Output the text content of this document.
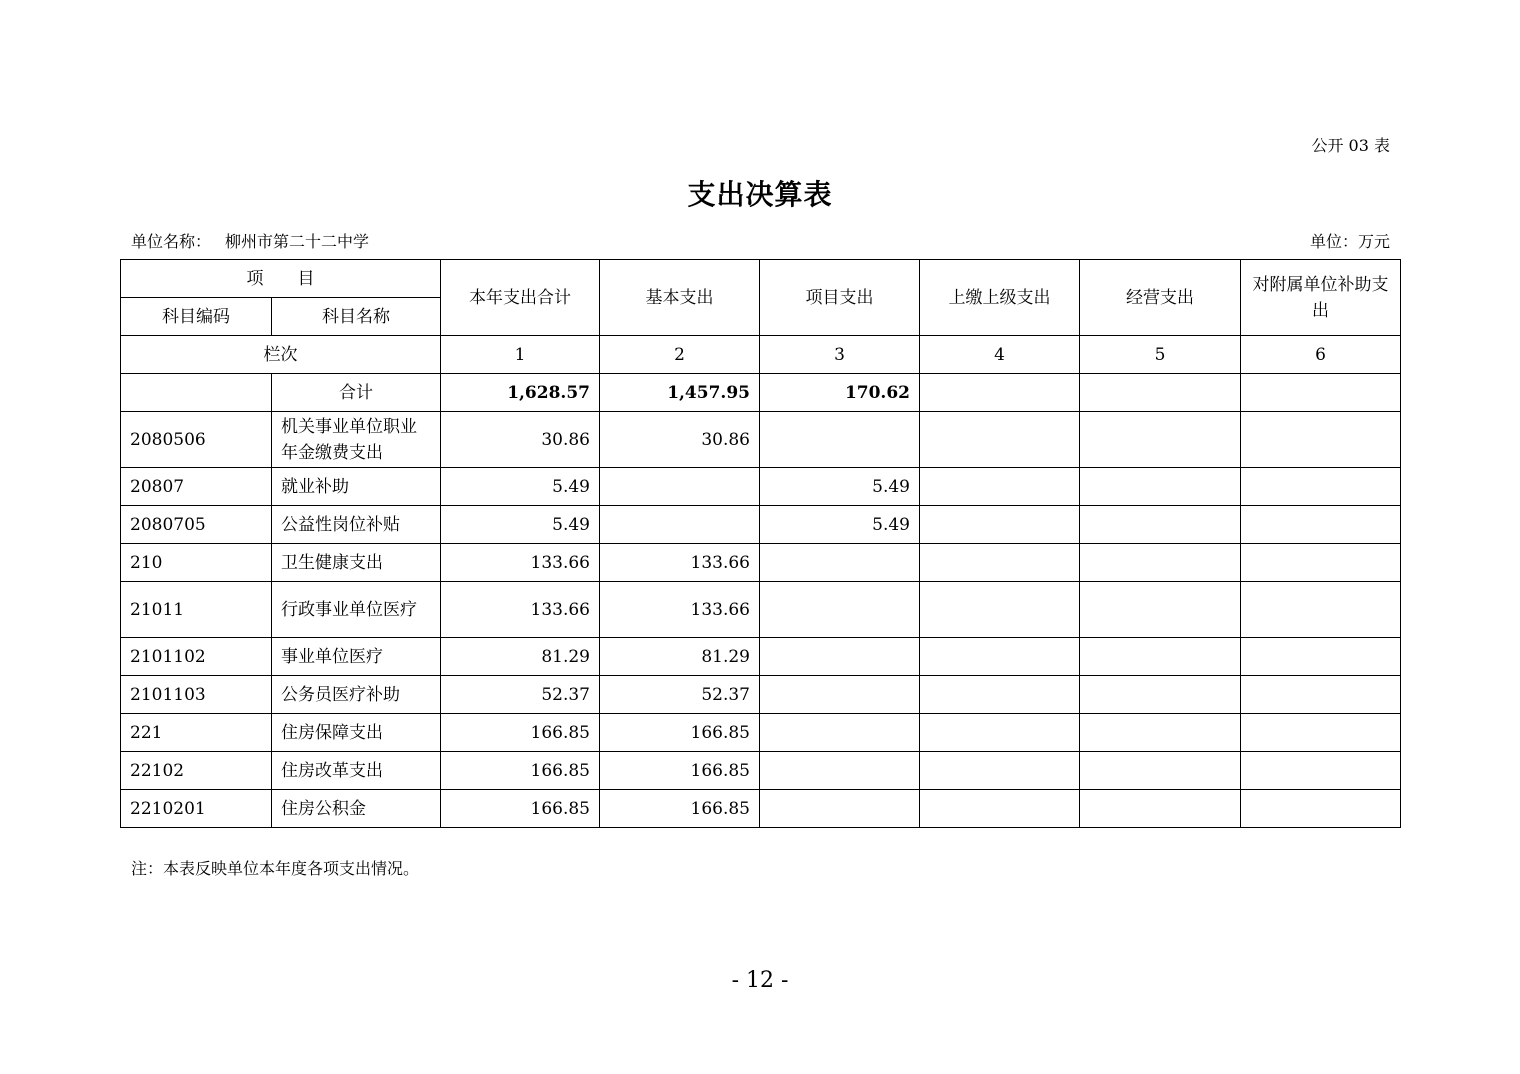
公开 03 表
支出决算表
单位名称： 柳州市第二十二中学	单位：万元
项　　目		本年支出合计	基本支出	项目支出	上缴上级支出	经营支出	对附属单位补助支出
科目编码	科目名称						
栏次		1	2	3	4	5	6
	合计	1,628.57	1,457.95	170.62			
2080506	机关事业单位职业年金缴费支出	30.86	30.86				
20807	就业补助	5.49		5.49			
2080705	公益性岗位补贴	5.49		5.49			
210	卫生健康支出	133.66	133.66				
21011	行政事业单位医疗	133.66	133.66				
2101102	事业单位医疗	81.29	81.29				
2101103	公务员医疗补助	52.37	52.37				
221	住房保障支出	166.85	166.85				
22102	住房改革支出	166.85	166.85				
2210201	住房公积金	166.85	166.85				
注：本表反映单位本年度各项支出情况。
- 12 -
